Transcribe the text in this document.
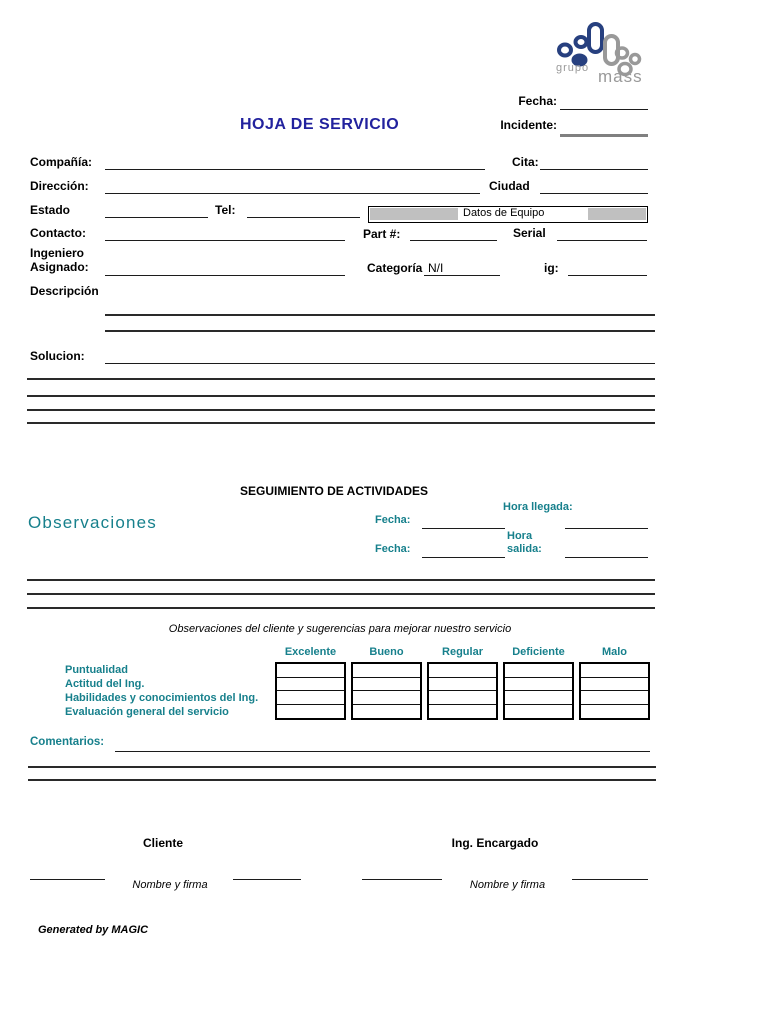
grupo mass
Fecha:
Incidente:
HOJA DE SERVICIO
Compañía:	Cita:
Dirección:	Ciudad
Estado	Tel:	Datos de Equipo
Contacto:	Part #:	Serial
Ingeniero
Asignado:	Categoría N/I	ig:
Descripción
Solucion:
SEGUIMIENTO DE ACTIVIDADES
Hora llegada:
Observaciones	Fecha:
Hora
salida:
Fecha:
Observaciones del cliente y sugerencias para mejorar nuestro servicio
Excelente	Bueno	Regular	Deficiente	Malo
Puntualidad
Actitud del Ing.
Habilidades y conocimientos del Ing.
Evaluación general del servicio
Comentarios:
Cliente	Ing. Encargado
Nombre y firma	Nombre y firma
Generated by MAGIC
